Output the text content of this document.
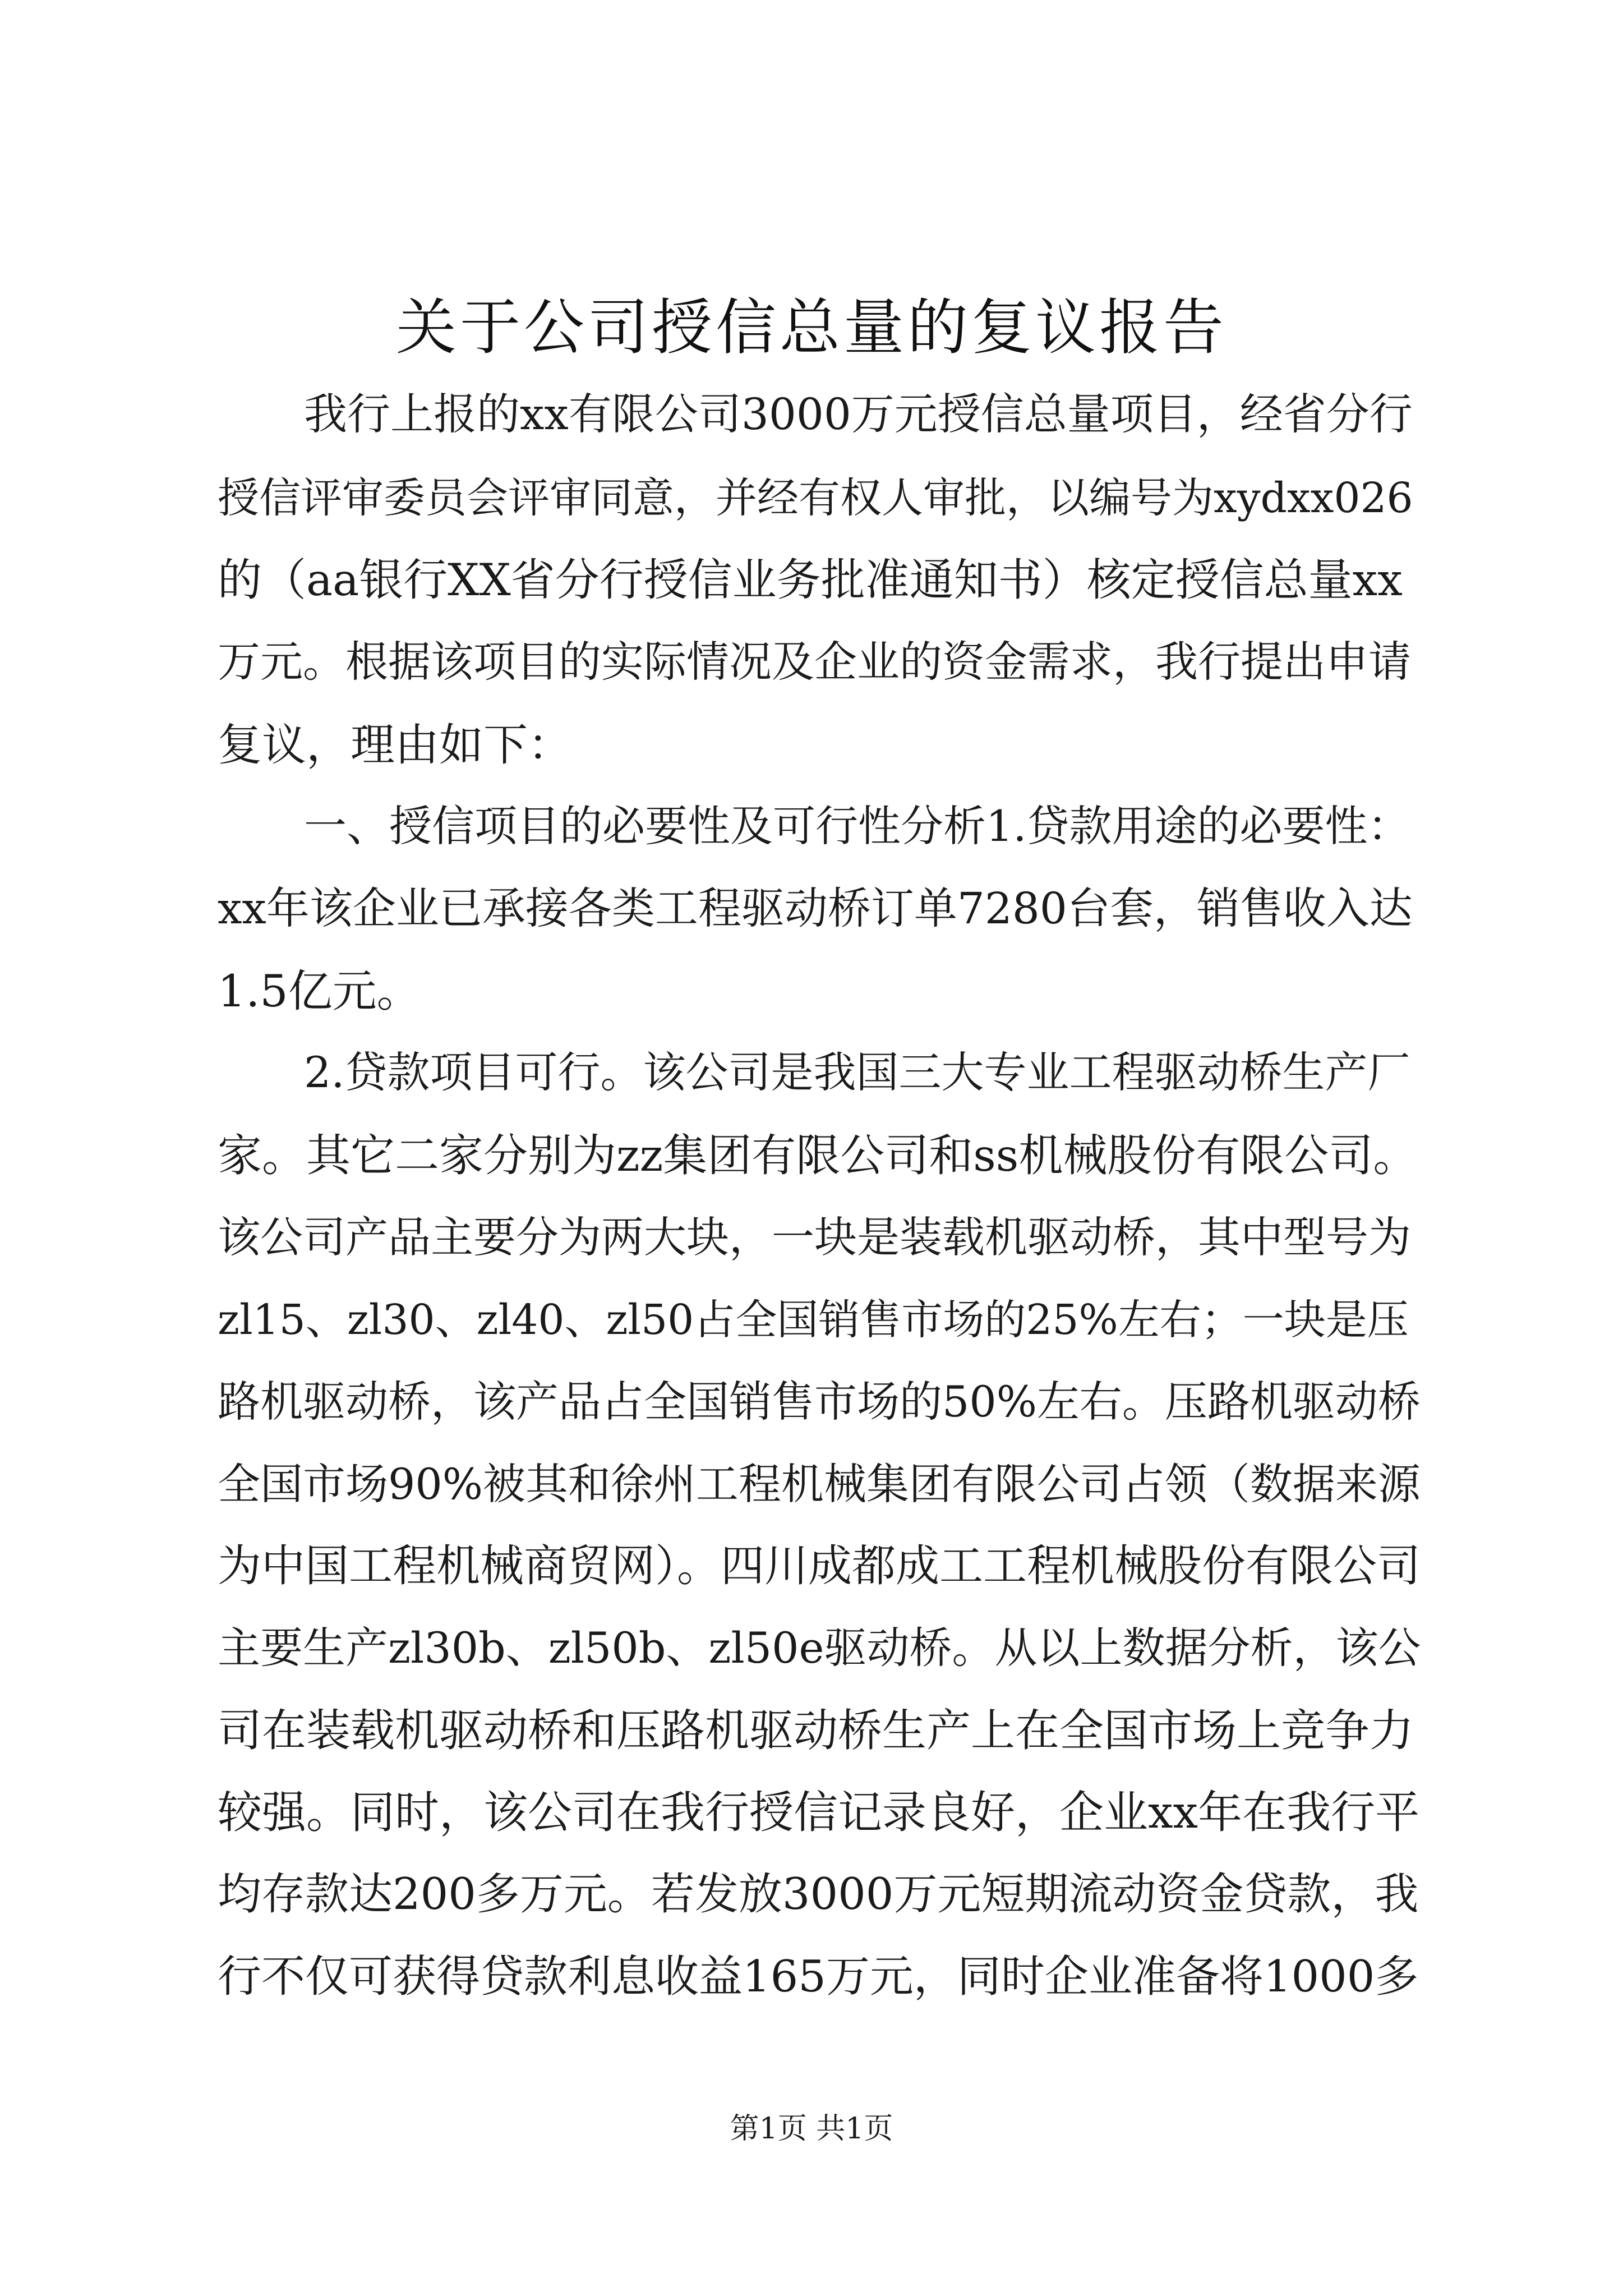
关于公司授信总量的复议报告
我行上报的xx有限公司3000万元授信总量项目，经省分行
授信评审委员会评审同意，并经有权人审批，以编号为xydxx026
的（aa银行XX省分行授信业务批准通知书）核定授信总量xx
万元。根据该项目的实际情况及企业的资金需求，我行提出申请
复议，理由如下：
一、授信项目的必要性及可行性分析1.贷款用途的必要性：
xx年该企业已承接各类工程驱动桥订单7280台套，销售收入达
1.5亿元。
2.贷款项目可行。该公司是我国三大专业工程驱动桥生产厂
家。其它二家分别为zz集团有限公司和ss机械股份有限公司。
该公司产品主要分为两大块，一块是装载机驱动桥，其中型号为
zl15、zl30、zl40、zl50占全国销售市场的25%左右；一块是压
路机驱动桥，该产品占全国销售市场的50%左右。压路机驱动桥
全国市场90%被其和徐州工程机械集团有限公司占领（数据来源
为中国工程机械商贸网）。四川成都成工工程机械股份有限公司
主要生产zl30b、zl50b、zl50e驱动桥。从以上数据分析，该公
司在装载机驱动桥和压路机驱动桥生产上在全国市场上竞争力
较强。同时，该公司在我行授信记录良好，企业xx年在我行平
均存款达200多万元。若发放3000万元短期流动资金贷款，我
行不仅可获得贷款利息收益165万元，同时企业准备将1000多
第1页 共1页
